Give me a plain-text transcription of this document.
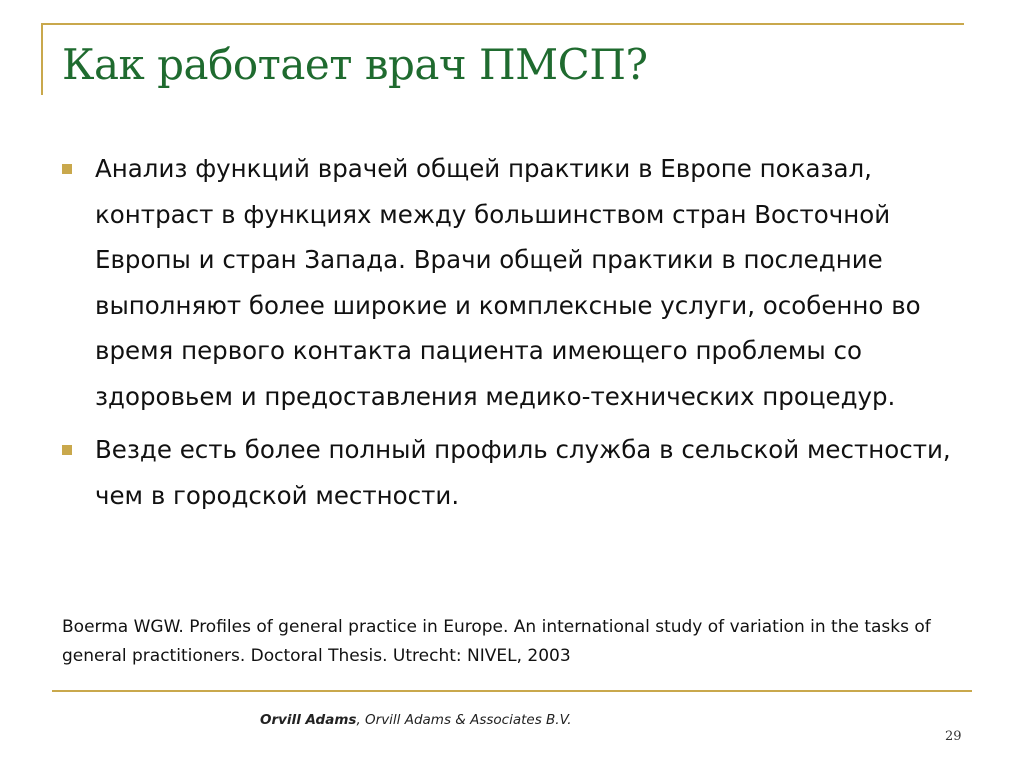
Как работает врач ПМСП?
Анализ функций врачей общей практики в Европе показал, контраст в функциях между большинством стран Восточной Европы и стран Запада. Врачи общей практики в последние выполняют более широкие и комплексные услуги, особенно во время первого контакта пациента имеющего проблемы со здоровьем и предоставления медико-технических процедур.
Везде есть более полный профиль служба в сельской местности, чем в городской местности.

Boerma WGW. Profiles of general practice in Europe. An international study of variation in the tasks of general practitioners. Doctoral Thesis. Utrecht: NIVEL, 2003

Orvill Adams, Orvill Adams & Associates B.V.
29
